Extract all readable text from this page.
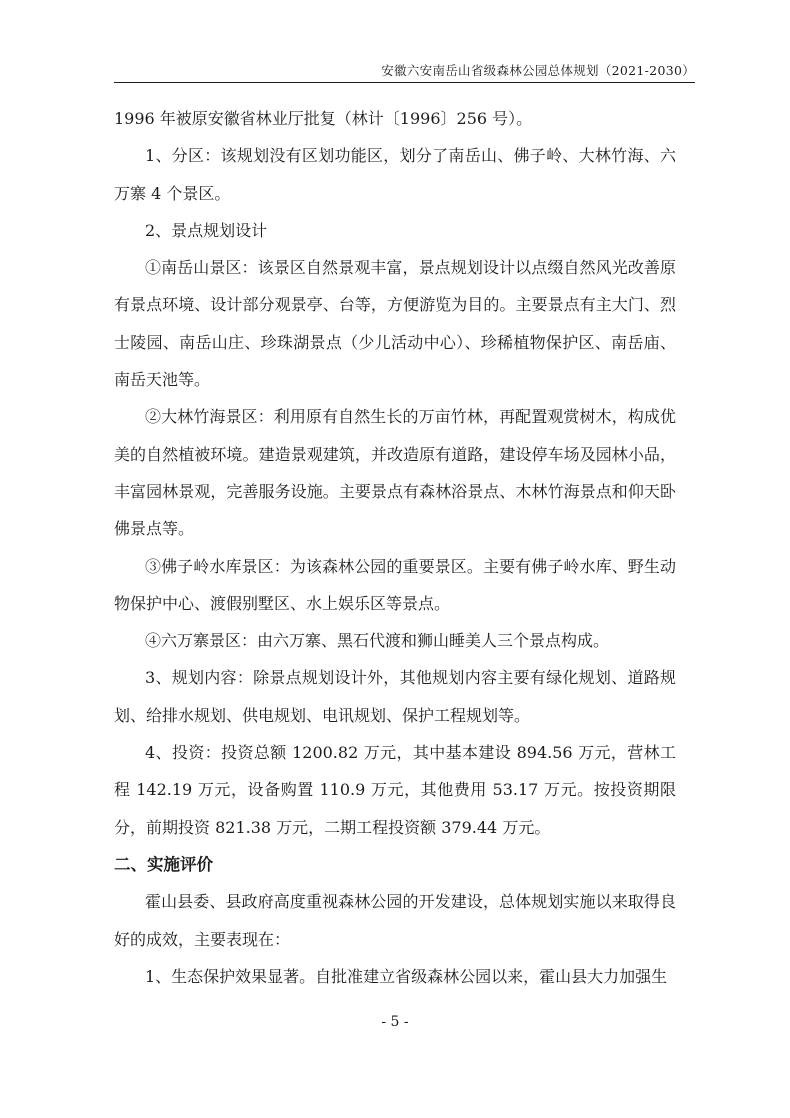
安徽六安南岳山省级森林公园总体规划（2021-2030）

1996 年被原安徽省林业厅批复（林计〔1996〕256 号）。

1、分区：该规划没有区划功能区，划分了南岳山、佛子岭、大林竹海、六万寨 4 个景区。

2、景点规划设计

①南岳山景区：该景区自然景观丰富，景点规划设计以点缀自然风光改善原有景点环境、设计部分观景亭、台等，方便游览为目的。主要景点有主大门、烈士陵园、南岳山庄、珍珠湖景点（少儿活动中心）、珍稀植物保护区、南岳庙、南岳天池等。

②大林竹海景区：利用原有自然生长的万亩竹林，再配置观赏树木，构成优美的自然植被环境。建造景观建筑，并改造原有道路，建设停车场及园林小品，丰富园林景观，完善服务设施。主要景点有森林浴景点、木林竹海景点和仰天卧佛景点等。

③佛子岭水库景区：为该森林公园的重要景区。主要有佛子岭水库、野生动物保护中心、渡假别墅区、水上娱乐区等景点。

④六万寨景区：由六万寨、黑石代渡和狮山睡美人三个景点构成。

3、规划内容：除景点规划设计外，其他规划内容主要有绿化规划、道路规划、给排水规划、供电规划、电讯规划、保护工程规划等。

4、投资：投资总额 1200.82 万元，其中基本建设 894.56 万元，营林工程 142.19 万元，设备购置 110.9 万元，其他费用 53.17 万元。按投资期限分，前期投资 821.38 万元，二期工程投资额 379.44 万元。

二、实施评价

霍山县委、县政府高度重视森林公园的开发建设，总体规划实施以来取得良好的成效，主要表现在：

1、生态保护效果显著。自批准建立省级森林公园以来，霍山县大力加强生

- 5 -
